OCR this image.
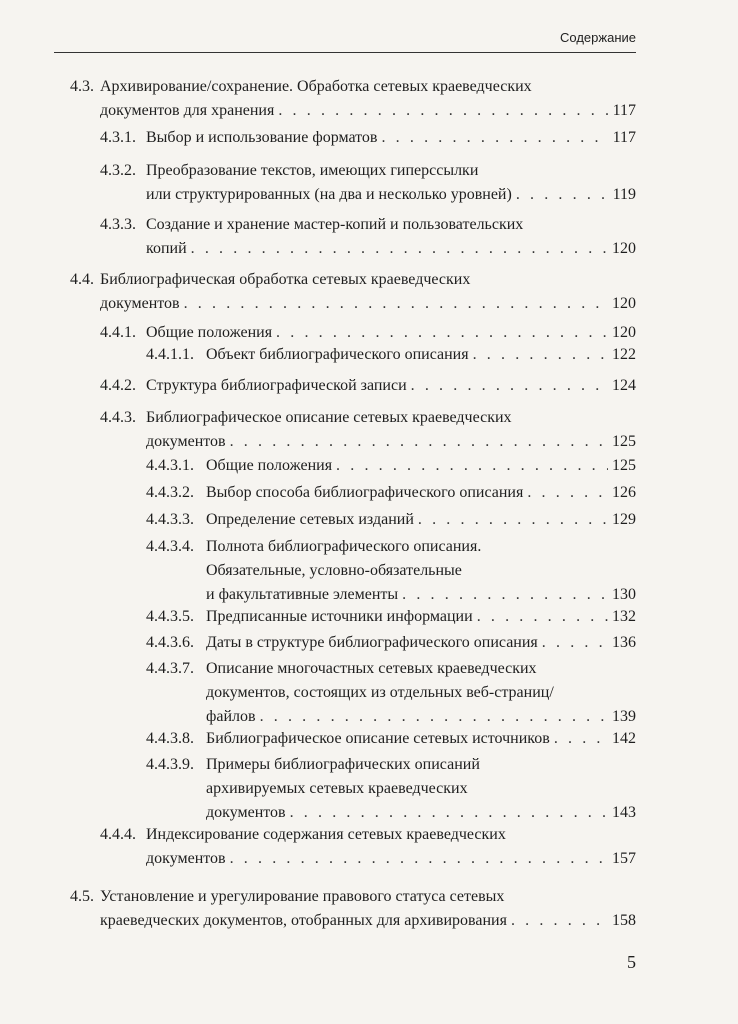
Содержание
4.3. Архивирование/сохранение. Обработка сетевых краеведческих
документов для хранения . . .	117
4.3.1. Выбор и использование форматов . . .	117
4.3.2. Преобразование текстов, имеющих гиперссылки
или структурированных (на два и несколько уровней) . . .	119
4.3.3. Создание и хранение мастер-копий и пользовательских
копий . . .	120
4.4. Библиографическая обработка сетевых краеведческих
документов . . .	120
4.4.1. Общие положения . . .	120
4.4.1.1. Объект библиографического описания . . .	122
4.4.2. Структура библиографической записи . . .	124
4.4.3. Библиографическое описание сетевых краеведческих
документов . . .	125
4.4.3.1. Общие положения . . .	125
4.4.3.2. Выбор способа библиографического описания . . .	126
4.4.3.3. Определение сетевых изданий . . .	129
4.4.3.4. Полнота библиографического описания.
Обязательные, условно-обязательные
и факультативные элементы . . .	130
4.4.3.5. Предписанные источники информации . . .	132
4.4.3.6. Даты в структуре библиографического описания . . .	136
4.4.3.7. Описание многочастных сетевых краеведческих
документов, состоящих из отдельных веб-страниц/
файлов . . .	139
4.4.3.8. Библиографическое описание сетевых источников . . .	142
4.4.3.9. Примеры библиографических описаний
архивируемых сетевых краеведческих
документов . . .	143
4.4.4. Индексирование содержания сетевых краеведческих
документов . . .	157
4.5. Установление и урегулирование правового статуса сетевых
краеведческих документов, отобранных для архивирования . . .	158
5
